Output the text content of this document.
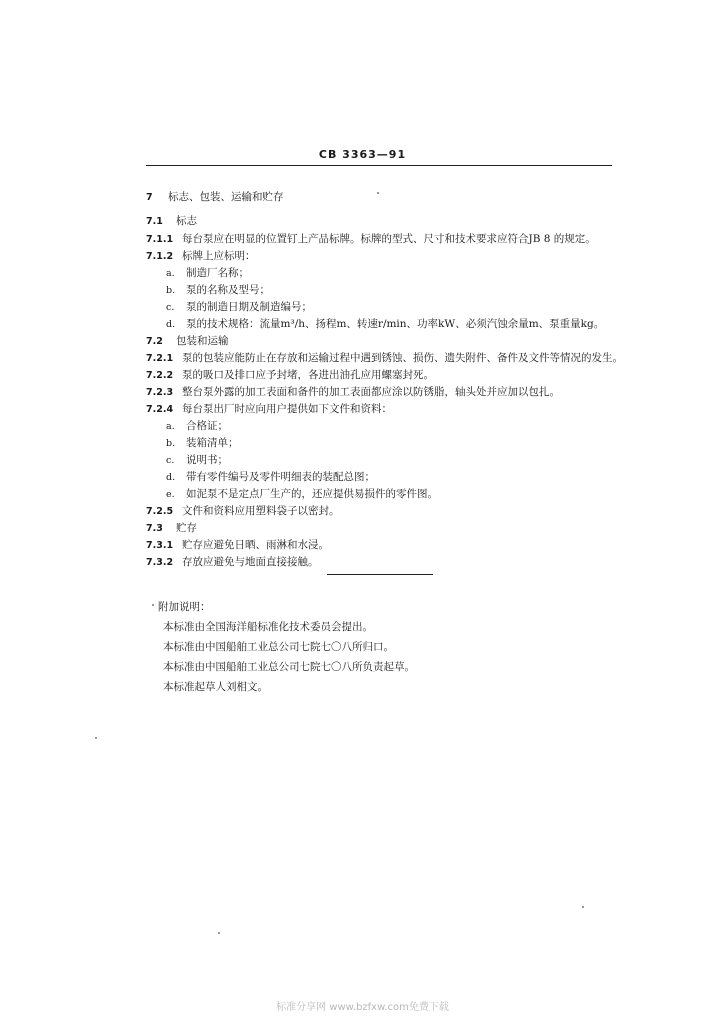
CB 3363—91
7 标志、包装、运输和贮存
7.1 标志
7.1.1 每台泵应在明显的位置钉上产品标牌。标牌的型式、尺寸和技术要求应符合JB 8 的规定。
7.1.2 标牌上应标明：
a. 制造厂名称；
b. 泵的名称及型号；
c. 泵的制造日期及制造编号；
d. 泵的技术规格：流量m³/h、扬程m、转速r/min、功率kW、必须汽蚀余量m、泵重量kg。
7.2 包装和运输
7.2.1 泵的包装应能防止在存放和运输过程中遇到锈蚀、损伤、遗失附件、备件及文件等情况的发生。
7.2.2 泵的吸口及排口应予封堵，各进出油孔应用螺塞封死。
7.2.3 整台泵外露的加工表面和备件的加工表面都应涂以防锈脂，轴头处并应加以包扎。
7.2.4 每台泵出厂时应向用户提供如下文件和资料：
a. 合格证；
b. 装箱清单；
c. 说明书；
d. 带有零件编号及零件明细表的装配总图；
e. 如泥泵不是定点厂生产的，还应提供易损件的零件图。
7.2.5 文件和资料应用塑料袋子以密封。
7.3 贮存
7.3.1 贮存应避免日晒、雨淋和水浸。
7.3.2 存放应避免与地面直接接触。
附加说明：
本标准由全国海洋船标准化技术委员会提出。
本标准由中国船舶工业总公司七院七〇八所归口。
本标准由中国船舶工业总公司七院七〇八所负责起草。
本标准起草人刘相文。
标准分享网 www.bzfxw.com免费下载
